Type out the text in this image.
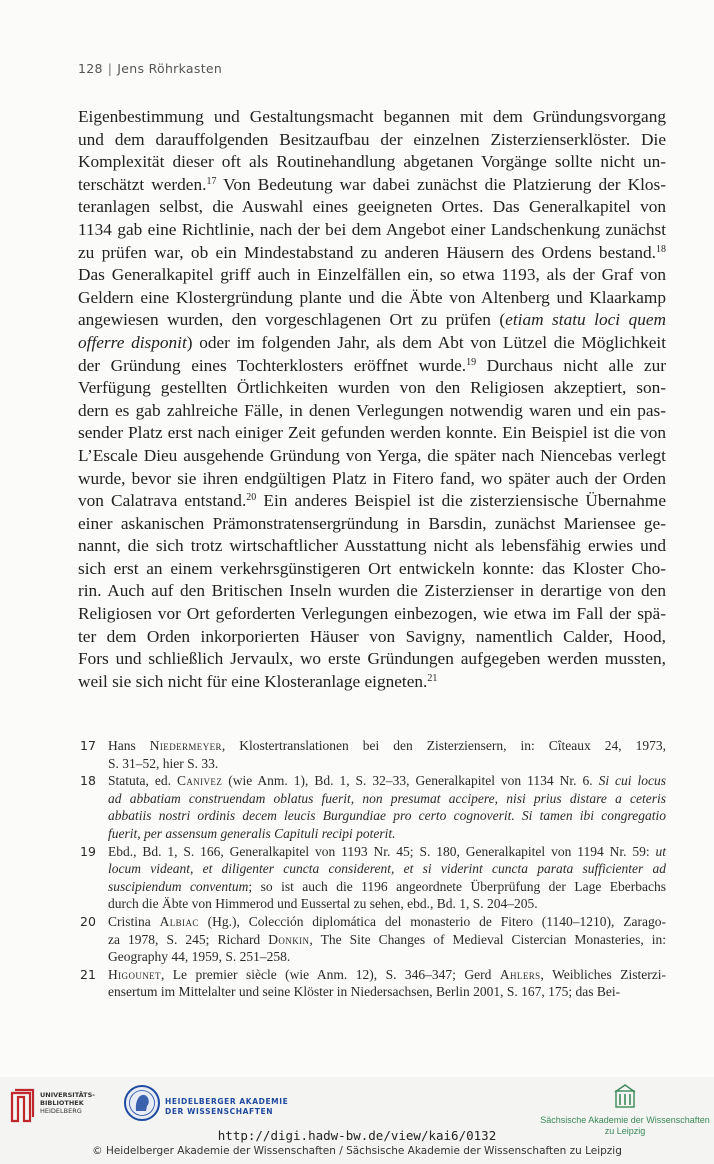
128 | Jens Röhrkasten
Eigenbestimmung und Gestaltungsmacht begannen mit dem Gründungsvorgang
und dem darauffolgenden Besitzaufbau der einzelnen Zisterzienserklöster. Die
Komplexität dieser oft als Routinehandlung abgetanen Vorgänge sollte nicht un-
terschätzt werden.$^{17}$ Von Bedeutung war dabei zunächst die Platzierung der Klos-
teranlagen selbst, die Auswahl eines geeigneten Ortes. Das Generalkapitel von
1134 gab eine Richtlinie, nach der bei dem Angebot einer Landschenkung zunächst
zu prüfen war, ob ein Mindestabstand zu anderen Häusern des Ordens bestand.$^{18}$
Das Generalkapitel griff auch in Einzelfällen ein, so etwa 1193, als der Graf von
Geldern eine Klostergründung plante und die Äbte von Altenberg und Klaarkamp
angewiesen wurden, den vorgeschlagenen Ort zu prüfen (etiam statu loci quem
offerre disponit) oder im folgenden Jahr, als dem Abt von Lützel die Möglichkeit
der Gründung eines Tochterklosters eröffnet wurde.$^{19}$ Durchaus nicht alle zur
Verfügung gestellten Örtlichkeiten wurden von den Religiosen akzeptiert, son-
dern es gab zahlreiche Fälle, in denen Verlegungen notwendig waren und ein pas-
sender Platz erst nach einiger Zeit gefunden werden konnte. Ein Beispiel ist die von
L’Escale Dieu ausgehende Gründung von Yerga, die später nach Niencebas verlegt
wurde, bevor sie ihren endgültigen Platz in Fitero fand, wo später auch der Orden
von Calatrava entstand.$^{20}$ Ein anderes Beispiel ist die zisterziensische Übernahme
einer askanischen Prämonstratensergründung in Barsdin, zunächst Mariensee ge-
nannt, die sich trotz wirtschaftlicher Ausstattung nicht als lebensfähig erwies und
sich erst an einem verkehrsgünstigeren Ort entwickeln konnte: das Kloster Cho-
rin. Auch auf den Britischen Inseln wurden die Zisterzienser in derartige von den
Religiosen vor Ort geforderten Verlegungen einbezogen, wie etwa im Fall der spä-
ter dem Orden inkorporierten Häuser von Savigny, namentlich Calder, Hood,
Fors und schließlich Jervaulx, wo erste Gründungen aufgegeben werden mussten,
weil sie sich nicht für eine Klosteranlage eigneten.$^{21}$
17 Hans Niedermeyer, Klostertranslationen bei den Zisterziensern, in: Cîteaux 24, 1973,
S. 31–52, hier S. 33.
18 Statuta, ed. Canivez (wie Anm. 1), Bd. 1, S. 32–33, Generalkapitel von 1134 Nr. 6. Si cui locus
ad abbatiam construendam oblatus fuerit, non presumat accipere, nisi prius distare a ceteris
abbatiis nostri ordinis decem leucis Burgundiae pro certo cognoverit. Si tamen ibi congregatio
fuerit, per assensum generalis Capituli recipi poterit.
19 Ebd., Bd. 1, S. 166, Generalkapitel von 1193 Nr. 45; S. 180, Generalkapitel von 1194 Nr. 59: ut
locum videant, et diligenter cuncta considerent, et si viderint cuncta parata sufficienter ad
suscipiendum conventum; so ist auch die 1196 angeordnete Überprüfung der Lage Eberbachs
durch die Äbte von Himmerod und Eussertal zu sehen, ebd., Bd. 1, S. 204–205.
20 Cristina Albiac (Hg.), Colección diplomática del monasterio de Fitero (1140–1210), Zarago-
za 1978, S. 245; Richard Donkin, The Site Changes of Medieval Cistercian Monasteries, in:
Geography 44, 1959, S. 251–258.
21 Higounet, Le premier siècle (wie Anm. 12), S. 346–347; Gerd Ahlers, Weibliches Zisterzi-
ensertum im Mittelalter und seine Klöster in Niedersachsen, Berlin 2001, S. 167, 175; das Bei-
UNIVERSITÄTS-
BIBLIOTHEK
HEIDELBERG
HEIDELBERGER AKADEMIE
DER WISSENSCHAFTEN
Sächsische Akademie der Wissenschaften
zu Leipzig
http://digi.hadw-bw.de/view/kai6/0132
© Heidelberger Akademie der Wissenschaften / Sächsische Akademie der Wissenschaften zu Leipzig
